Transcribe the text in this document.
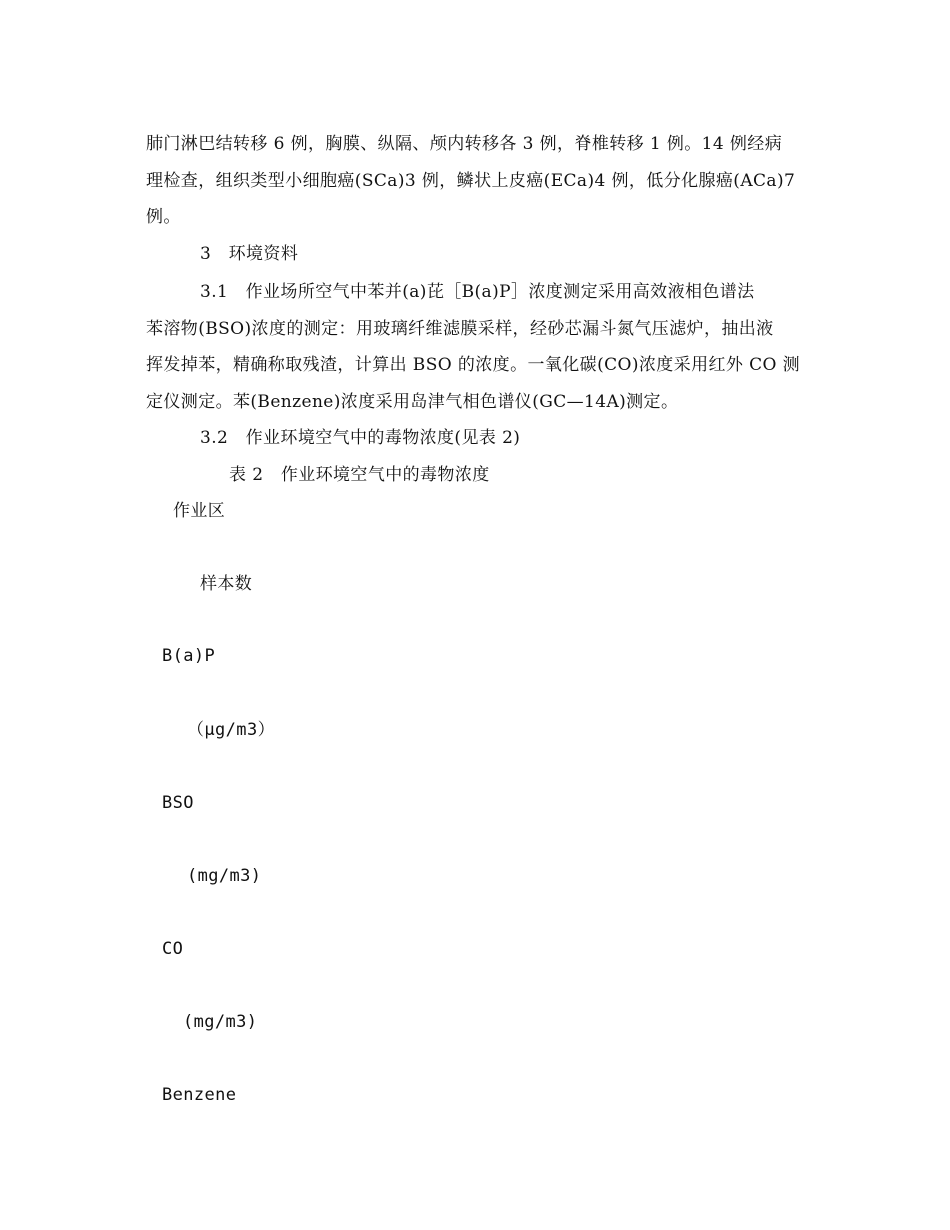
肺门淋巴结转移 6 例，胸膜、纵隔、颅内转移各 3 例，脊椎转移 1 例。14 例经病
理检查，组织类型小细胞癌(SCa)3 例，鳞状上皮癌(ECa)4 例，低分化腺癌(ACa)7
例。
3　环境资料
3.1　作业场所空气中苯并(a)芘［B(a)P］浓度测定采用高效液相色谱法
苯溶物(BSO)浓度的测定：用玻璃纤维滤膜采样，经砂芯漏斗氮气压滤炉，抽出液
挥发掉苯，精确称取残渣，计算出 BSO 的浓度。一氧化碳(CO)浓度采用红外 CO 测
定仪测定。苯(Benzene)浓度采用岛津气相色谱仪(GC—14A)测定。
3.2　作业环境空气中的毒物浓度(见表 2)
表 2　作业环境空气中的毒物浓度
作业区
样本数
B(a)P
（μg/m3）
BSO
(mg/m3)
CO
(mg/m3)
Benzene
